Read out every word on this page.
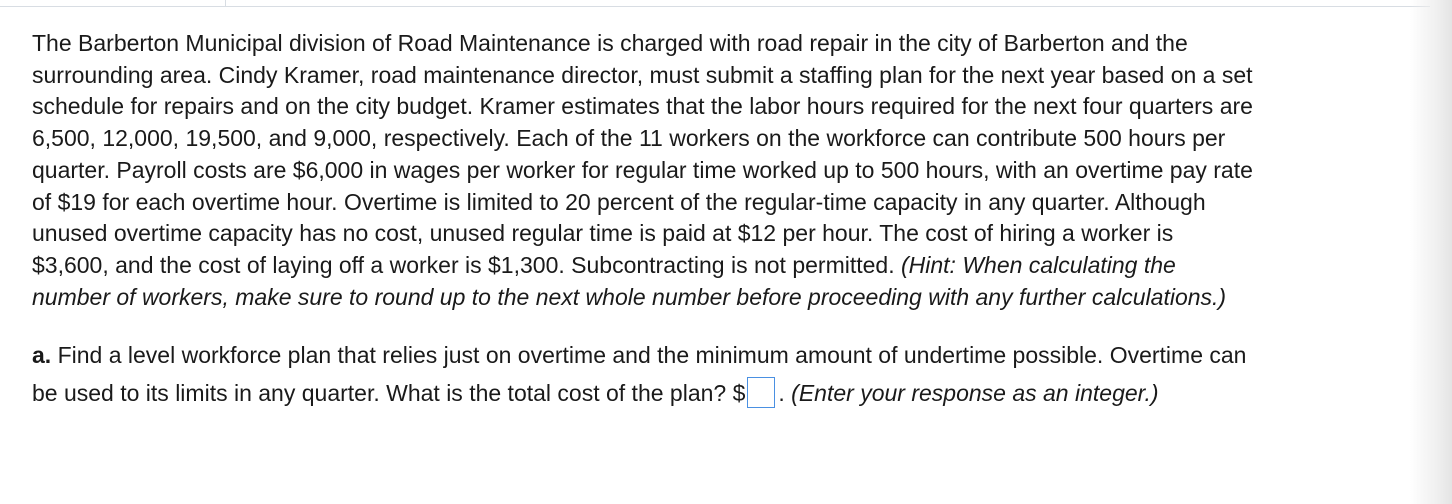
The Barberton Municipal division of Road Maintenance is charged with road repair in the city of Barberton and the
surrounding area. Cindy Kramer, road maintenance director, must submit a staffing plan for the next year based on a set
schedule for repairs and on the city budget. Kramer estimates that the labor hours required for the next four quarters are
6,500, 12,000, 19,500, and 9,000, respectively. Each of the 11 workers on the workforce can contribute 500 hours per
quarter. Payroll costs are $6,000 in wages per worker for regular time worked up to 500 hours, with an overtime pay rate
of $19 for each overtime hour. Overtime is limited to 20 percent of the regular-time capacity in any quarter. Although
unused overtime capacity has no cost, unused regular time is paid at $12 per hour. The cost of hiring a worker is
$3,600, and the cost of laying off a worker is $1,300. Subcontracting is not permitted. (Hint: When calculating the
number of workers, make sure to round up to the next whole number before proceeding with any further calculations.)

a. Find a level workforce plan that relies just on overtime and the minimum amount of undertime possible. Overtime can
be used to its limits in any quarter. What is the total cost of the plan? $ . (Enter your response as an integer.)
